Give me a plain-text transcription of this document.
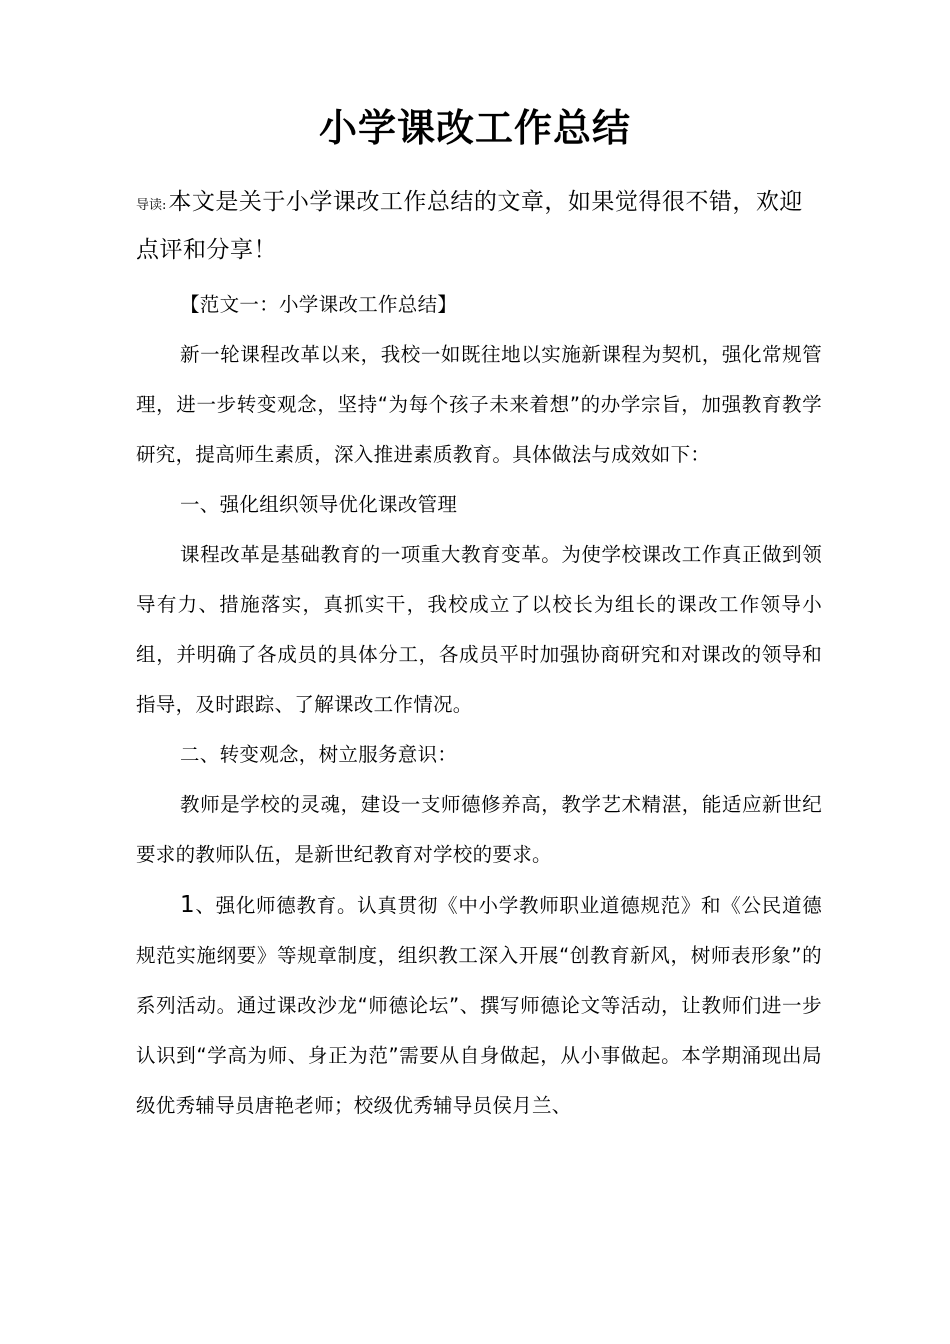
小学课改工作总结
导读:本文是关于小学课改工作总结的文章，如果觉得很不错，欢迎点评和分享！

【范文一：小学课改工作总结】

新一轮课程改革以来，我校一如既往地以实施新课程为契机，强化常规管理，进一步转变观念，坚持“为每个孩子未来着想”的办学宗旨，加强教育教学研究，提高师生素质，深入推进素质教育。具体做法与成效如下：

一、强化组织领导优化课改管理

课程改革是基础教育的一项重大教育变革。为使学校课改工作真正做到领导有力、措施落实，真抓实干，我校成立了以校长为组长的课改工作领导小组，并明确了各成员的具体分工，各成员平时加强协商研究和对课改的领导和指导，及时跟踪、了解课改工作情况。

二、转变观念，树立服务意识：

教师是学校的灵魂，建设一支师德修养高，教学艺术精湛，能适应新世纪要求的教师队伍，是新世纪教育对学校的要求。

1、强化师德教育。认真贯彻《中小学教师职业道德规范》和《公民道德规范实施纲要》等规章制度，组织教工深入开展“创教育新风，树师表形象”的系列活动。通过课改沙龙“师德论坛”、撰写师德论文等活动，让教师们进一步认识到“学高为师、身正为范”需要从自身做起，从小事做起。本学期涌现出局级优秀辅导员唐艳老师；校级优秀辅导员侯月兰、
